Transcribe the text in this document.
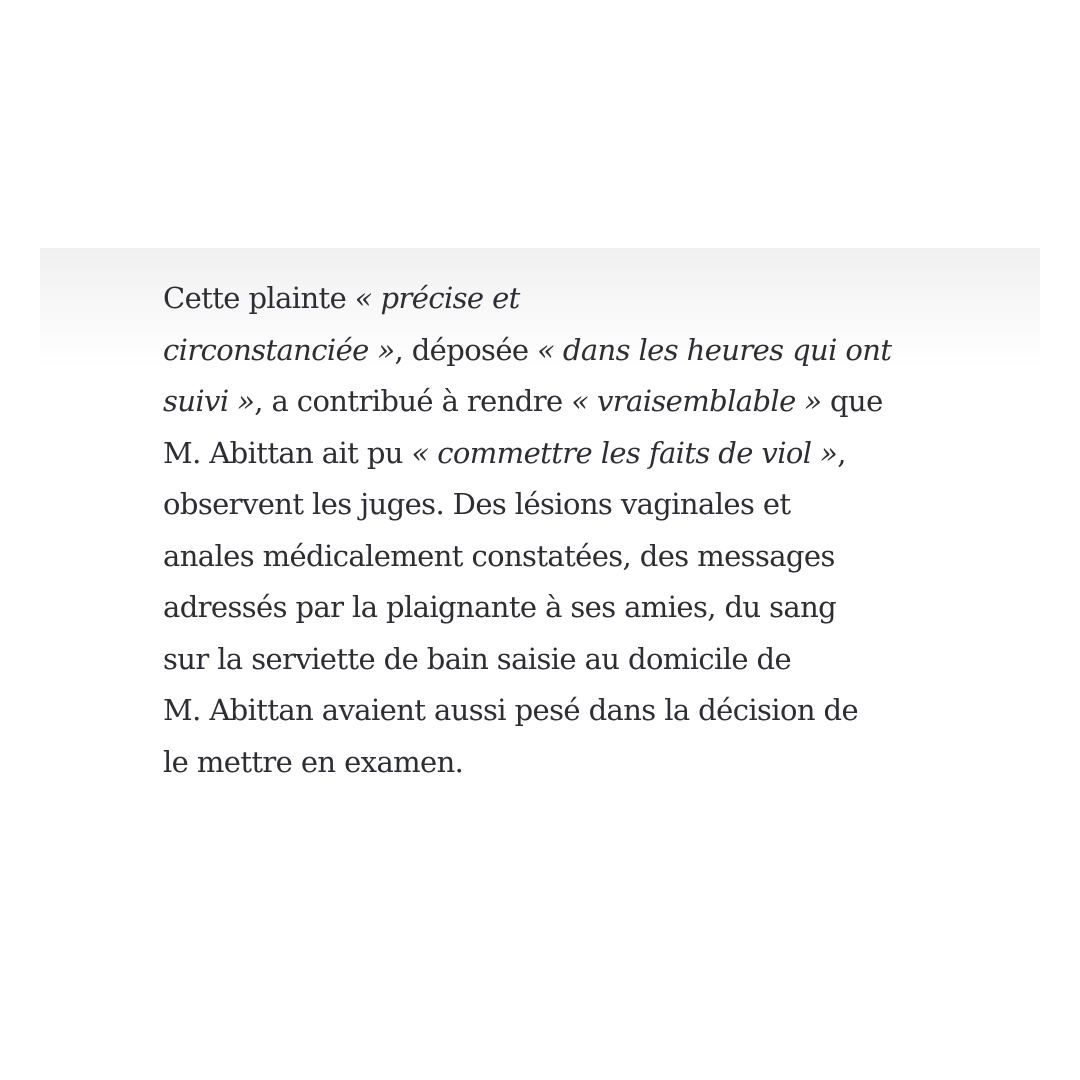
Cette plainte « précise et
circonstanciée », déposée « dans les heures qui ont
suivi », a contribué à rendre « vraisemblable » que
M. Abittan ait pu « commettre les faits de viol »,
observent les juges. Des lésions vaginales et
anales médicalement constatées, des messages
adressés par la plaignante à ses amies, du sang
sur la serviette de bain saisie au domicile de
M. Abittan avaient aussi pesé dans la décision de
le mettre en examen.
